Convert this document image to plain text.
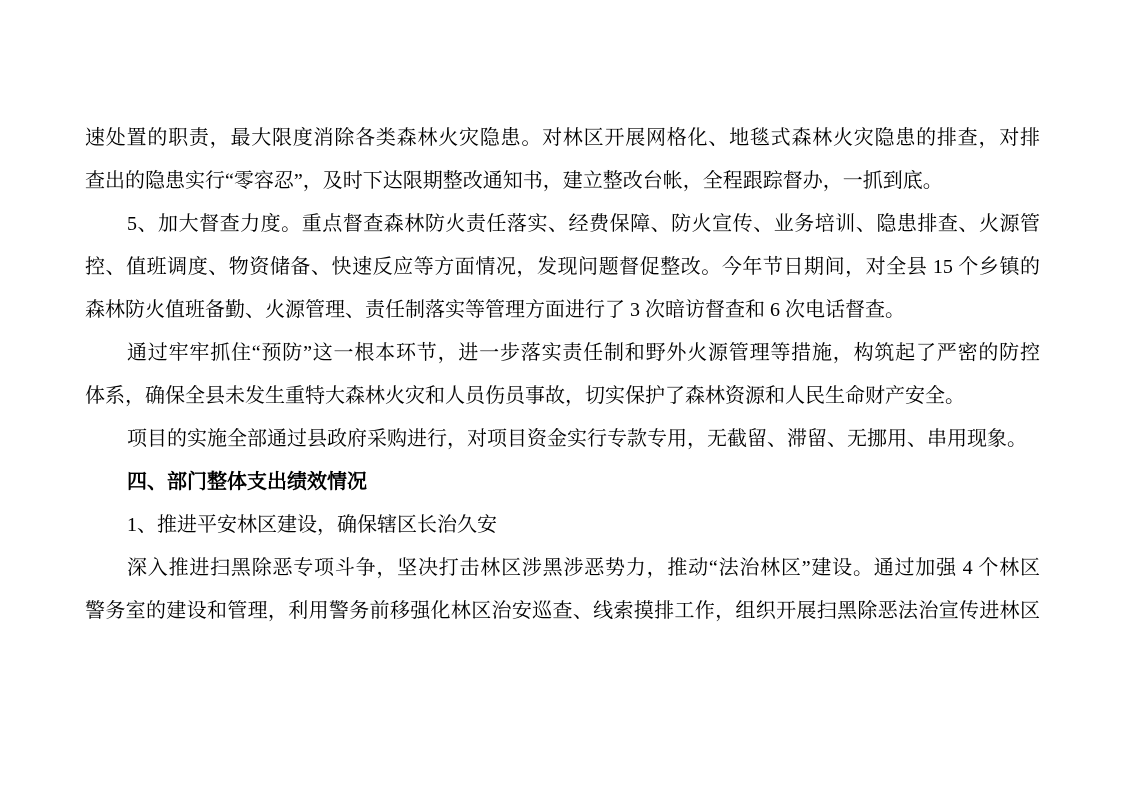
速处置的职责，最大限度消除各类森林火灾隐患。对林区开展网格化、地毯式森林火灾隐患的排查，对排
查出的隐患实行“零容忍”，及时下达限期整改通知书，建立整改台帐，全程跟踪督办，一抓到底。
5、加大督查力度。重点督查森林防火责任落实、经费保障、防火宣传、业务培训、隐患排查、火源管
控、值班调度、物资储备、快速反应等方面情况，发现问题督促整改。今年节日期间，对全县 15 个乡镇的
森林防火值班备勤、火源管理、责任制落实等管理方面进行了 3 次暗访督查和 6 次电话督查。
通过牢牢抓住“预防”这一根本环节，进一步落实责任制和野外火源管理等措施，构筑起了严密的防控
体系，确保全县未发生重特大森林火灾和人员伤员事故，切实保护了森林资源和人民生命财产安全。
项目的实施全部通过县政府采购进行，对项目资金实行专款专用，无截留、滞留、无挪用、串用现象。
四、部门整体支出绩效情况
1、推进平安林区建设，确保辖区长治久安
深入推进扫黑除恶专项斗争，坚决打击林区涉黑涉恶势力，推动“法治林区”建设。通过加强 4 个林区
警务室的建设和管理，利用警务前移强化林区治安巡查、线索摸排工作，组织开展扫黑除恶法治宣传进林区
